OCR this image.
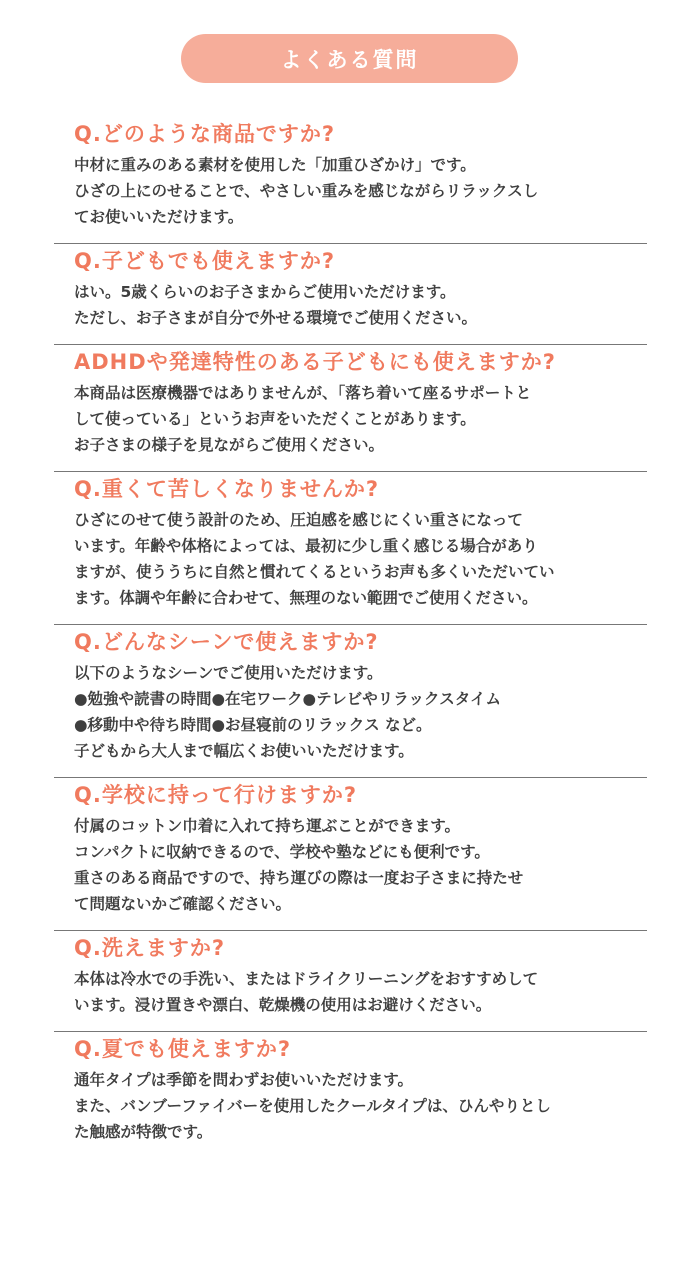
よくある質問
Q.どのような商品ですか?
中材に重みのある素材を使用した「加重ひざかけ」です。
ひざの上にのせることで、やさしい重みを感じながらリラックスし
てお使いいただけます。
Q.子どもでも使えますか?
はい。5歳くらいのお子さまからご使用いただけます。
ただし、お子さまが自分で外せる環境でご使用ください。
ADHDや発達特性のある子どもにも使えますか?
本商品は医療機器ではありませんが、「落ち着いて座るサポートと
して使っている」というお声をいただくことがあります。
お子さまの様子を見ながらご使用ください。
Q.重くて苦しくなりませんか?
ひざにのせて使う設計のため、圧迫感を感じにくい重さになって
います。年齢や体格によっては、最初に少し重く感じる場合があり
ますが、使ううちに自然と慣れてくるというお声も多くいただいてい
ます。体調や年齢に合わせて、無理のない範囲でご使用ください。
Q.どんなシーンで使えますか?
以下のようなシーンでご使用いただけます。
●勉強や読書の時間●在宅ワーク●テレビやリラックスタイム
●移動中や待ち時間●お昼寝前のリラックス など。
子どもから大人まで幅広くお使いいただけます。
Q.学校に持って行けますか?
付属のコットン巾着に入れて持ち運ぶことができます。
コンパクトに収納できるので、学校や塾などにも便利です。
重さのある商品ですので、持ち運びの際は一度お子さまに持たせ
て問題ないかご確認ください。
Q.洗えますか?
本体は冷水での手洗い、またはドライクリーニングをおすすめして
います。浸け置きや漂白、乾燥機の使用はお避けください。
Q.夏でも使えますか?
通年タイプは季節を問わずお使いいただけます。
また、バンブーファイバーを使用したクールタイプは、ひんやりとし
た触感が特徴です。
